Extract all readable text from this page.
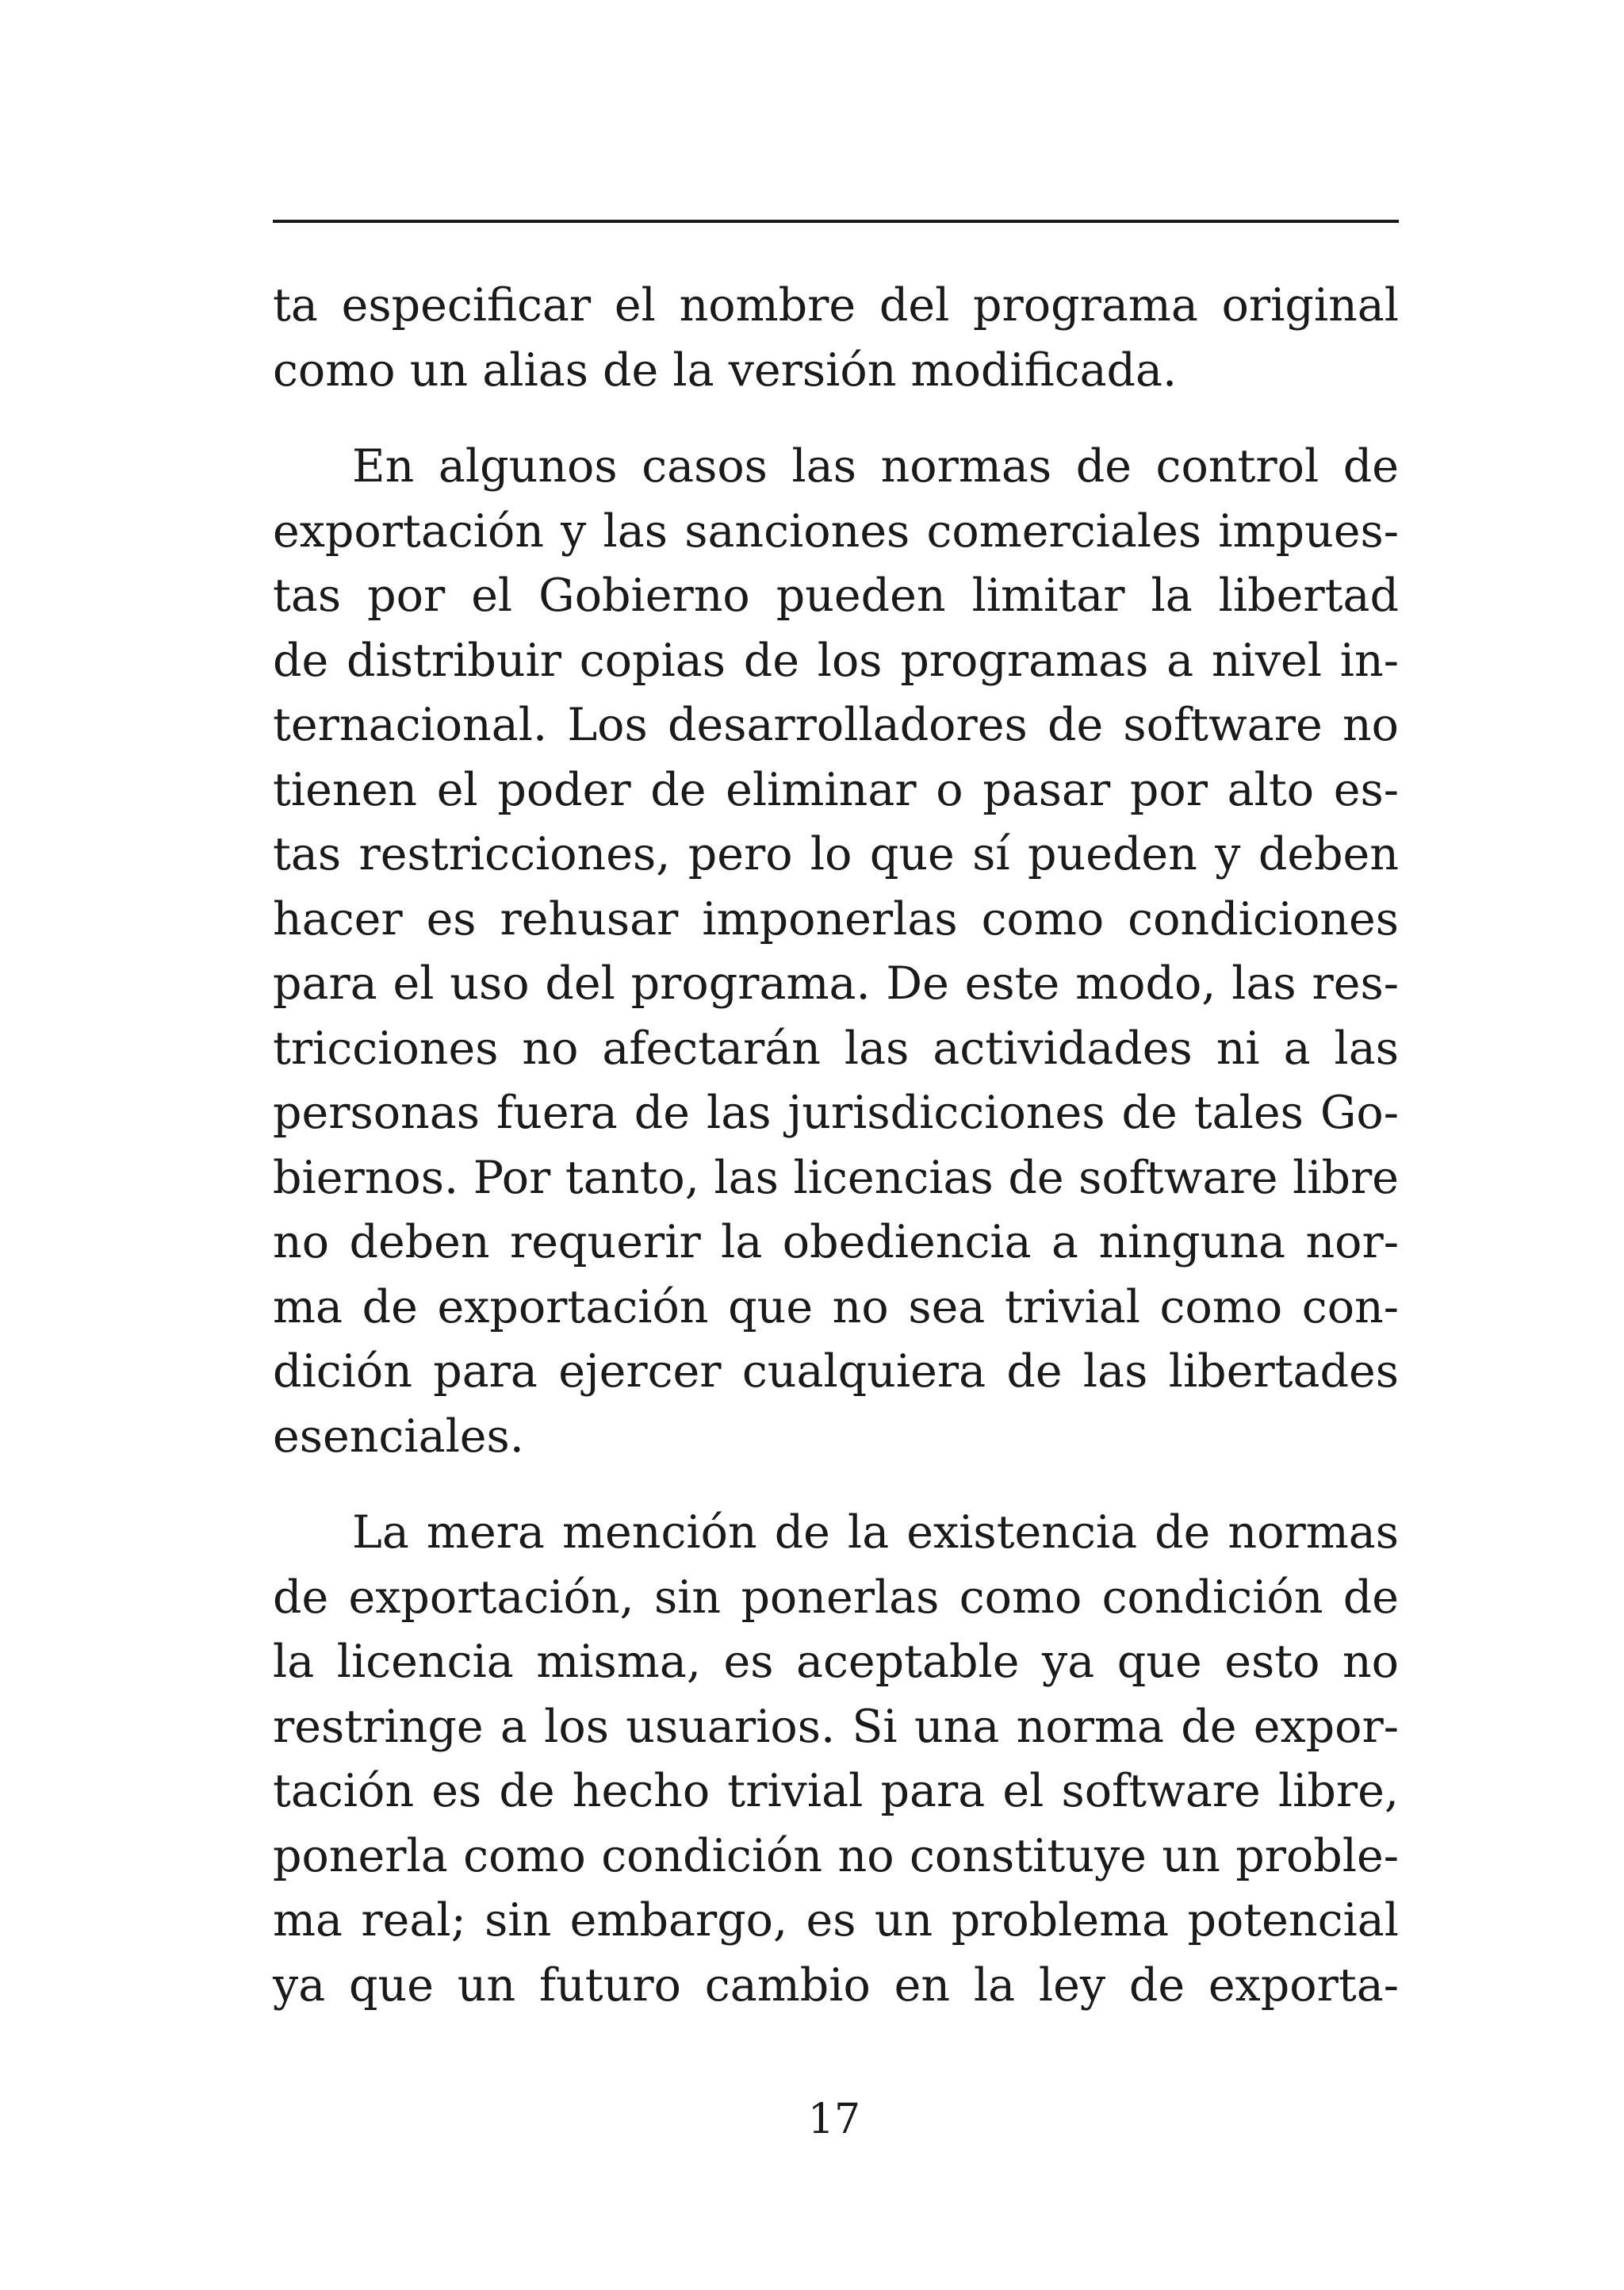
ta especificar el nombre del programa original
como un alias de la versión modificada.
En algunos casos las normas de control de
exportación y las sanciones comerciales impues-
tas por el Gobierno pueden limitar la libertad
de distribuir copias de los programas a nivel in-
ternacional. Los desarrolladores de software no
tienen el poder de eliminar o pasar por alto es-
tas restricciones, pero lo que sí pueden y deben
hacer es rehusar imponerlas como condiciones
para el uso del programa. De este modo, las res-
tricciones no afectarán las actividades ni a las
personas fuera de las jurisdicciones de tales Go-
biernos. Por tanto, las licencias de software libre
no deben requerir la obediencia a ninguna nor-
ma de exportación que no sea trivial como con-
dición para ejercer cualquiera de las libertades
esenciales.
La mera mención de la existencia de normas
de exportación, sin ponerlas como condición de
la licencia misma, es aceptable ya que esto no
restringe a los usuarios. Si una norma de expor-
tación es de hecho trivial para el software libre,
ponerla como condición no constituye un proble-
ma real; sin embargo, es un problema potencial
ya que un futuro cambio en la ley de exporta-
17
